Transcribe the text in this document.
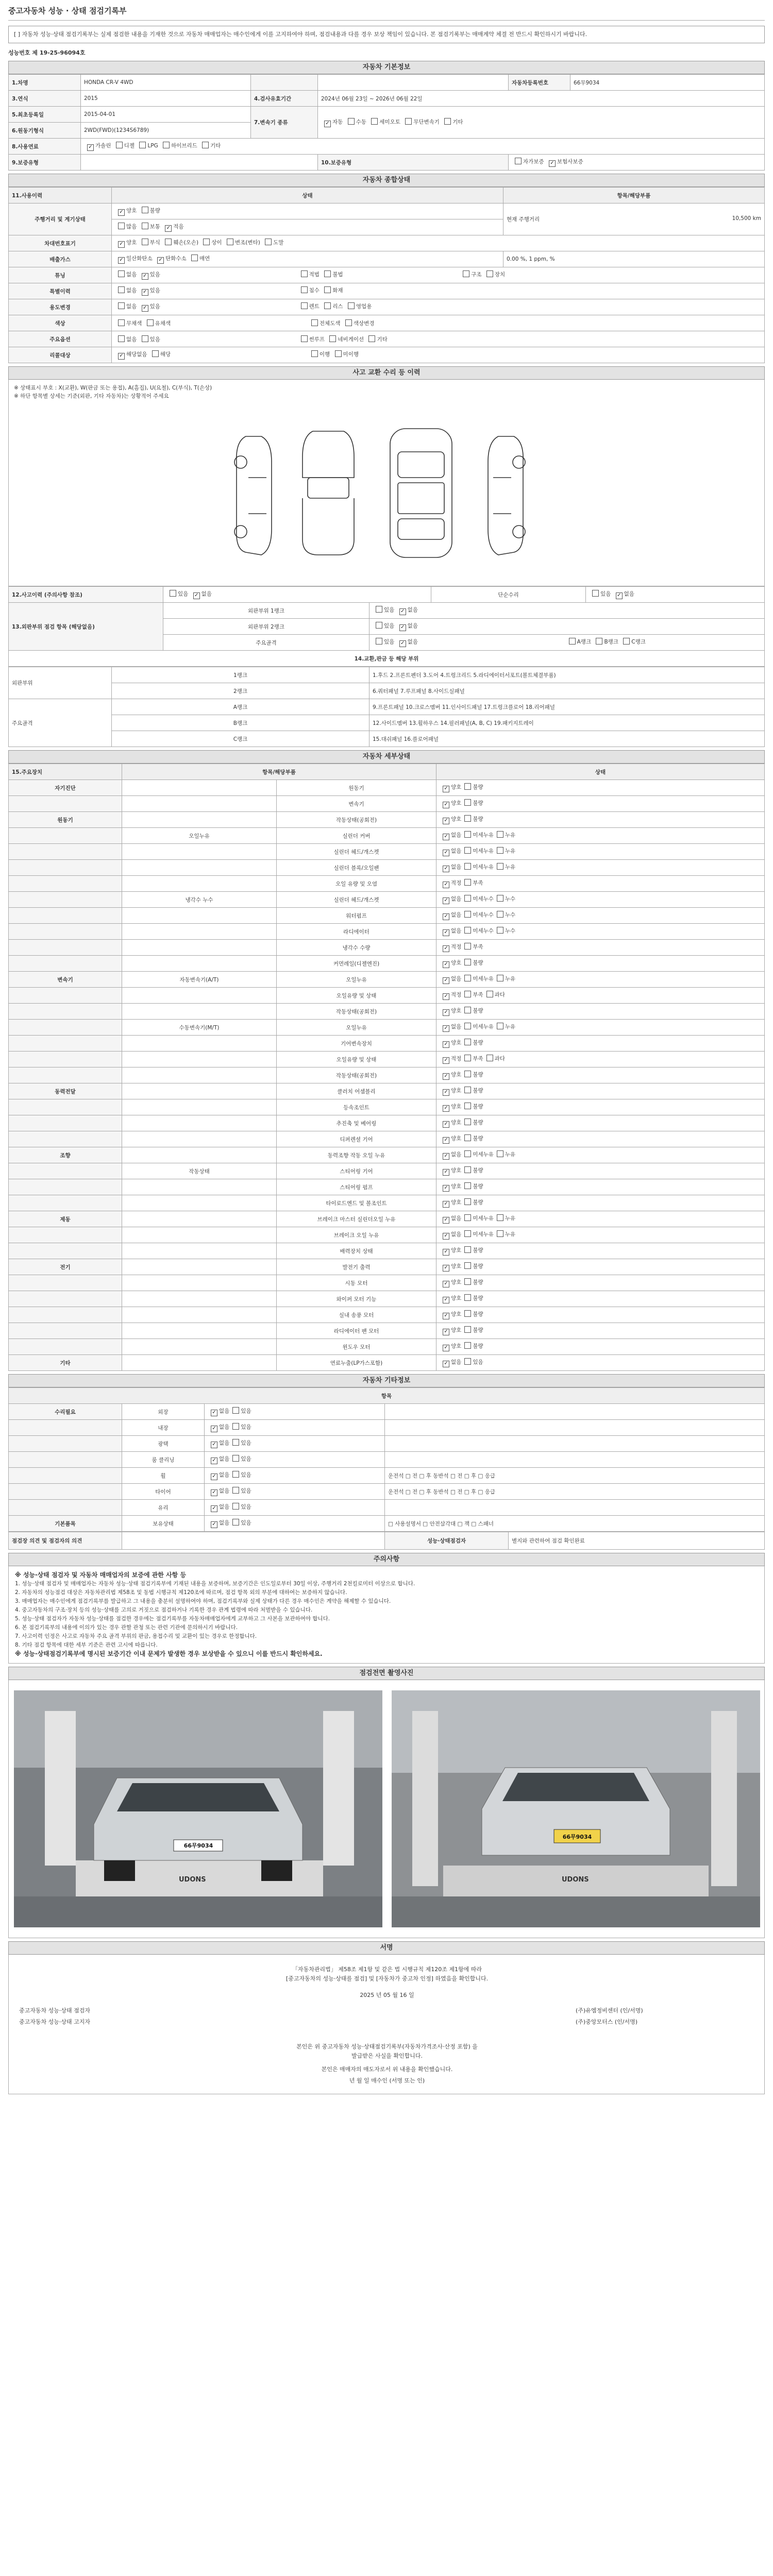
중고자동차 성능 · 상태 점검기록부
[ ] 자동차 성능·상태 점검기록부는 실제 점검한 내용을 기재한 것으로 자동차 매매업자는 매수인에게 이를 고지하여야 하며, 점검내용과 다를 경우 보상 책임이 있습니다. 본 점검기록부는 매매계약 체결 전 반드시 확인하시기 바랍니다.
성능번호 제 19-25-96094호
자동차 기본정보
1.차명	HONDA CR-V 4WD			자동차등록번호	66무9034
3.연식	2015	4.검사유효기간	2024년 06월 23일 ~ 2026년 06월 22일		
5.최초등록일	2015-04-01	7.변속기 종류	✓자동 수동 세미오토 무단변속기 기타
6.원동기형식	2WD(FWD)(1234S6789)				
8.사용연료	✓가솔린 디젤 LPG 하이브리드 기타
9.보증유형			10.보증유형	자가보증 ✓ 보험사보증
자동차 종합상태
11.사용이력	상태	항목/해당부품
주행거리 및 계기상태	✓양호 불량	현재 주행거리 10,500 km

	많음 보통 ✓ 적음
차대번호표기	✓양호 부식 훼손(오손) 상이 변조(변타) 도말
배출가스	✓일산화탄소 ✓ 탄화수소 매연	0.00 %, 1 ppm, %
튜닝	없음 ✓ 있음 적법 불법 구조 장치
특별이력	없음 ✓ 있음 침수 화재
용도변경	없음 ✓ 있음 렌트 리스 영업용
색상	무채색 유채색 전체도색 색상변경	
주요옵션	없음 있음 썬루프 네비게이션 기타	
리콜대상	✓해당없음 해당 이행 미이행
사고 교환 수리 등 이력
※ 상태표시 부호 : X(교환), W(판금 또는 용접), A(흠집), U(요철), C(부식), T(손상)
※ 하단 항목별 상세는 기준(외판, 기타 자동차)는 상황적어 주세요
12.사고이력 (주의사항 참조)	있음 ✓ 없음		단순수리	있음 ✓ 없음
13.외판부위 점검 항목 (해당없음)	외판부위 1랭크	있음 ✓ 없음
	외판부위 2랭크	있음 ✓ 없음
	주요골격	있음 ✓ 없음 A랭크 B랭크 C랭크
14.교환,판금 등 해당 부위				
외판부위	1랭크	1.후드 2.프론트펜더 3.도어 4.트렁크리드 5.라디에이터서포트(볼트체결부품)
	2랭크	6.쿼터패널 7.루프패널 8.사이드실패널
주요골격	A랭크	9.프론트패널 10.크로스멤버 11.인사이드패널 17.트렁크플로어 18.리어패널
	B랭크	12.사이드멤버 13.휠하우스 14.필러패널(A, B, C) 19.패키지트레이
	C랭크	15.대쉬패널 16.플로어패널
자동차 세부상태
15.주요장치	항목/해당부품		상태
자기진단		원동기	✓양호 불량
		변속기	✓양호 불량
원동기		작동상태(공회전)	✓양호 불량
	오일누유	실린더 커버	✓없음 미세누유 누유
		실린더 헤드/개스켓	✓없음 미세누유 누유
		실린더 블록/오일팬	✓없음 미세누유 누유
		오일 유량 및 오염	✓적정 부족
	냉각수 누수	실린더 헤드/개스켓	✓없음 미세누수 누수
		워터펌프	✓없음 미세누수 누수
		라디에이터	✓없음 미세누수 누수
		냉각수 수량	✓적정 부족
		커먼레일(디젤엔진)	✓양호 불량
변속기	자동변속기(A/T)	오일누유	✓없음 미세누유 누유
		오일유량 및 상태	✓적정 부족 과다
		작동상태(공회전)	✓양호 불량
	수동변속기(M/T)	오일누유	✓없음 미세누유 누유
		기어변속장치	✓양호 불량
		오일유량 및 상태	✓적정 부족 과다
		작동상태(공회전)	✓양호 불량
동력전달		클러치 어셈블리	✓양호 불량
		등속조인트	✓양호 불량
		추진축 및 베어링	✓양호 불량
		디퍼렌셜 기어	✓양호 불량
조향		동력조향 작동 오일 누유	✓없음 미세누유 누유
	작동상태	스티어링 기어	✓양호 불량
		스티어링 펌프	✓양호 불량
		타이로드엔드 및 볼조인트	✓양호 불량
제동		브레이크 마스터 실린더오일 누유	✓없음 미세누유 누유
		브레이크 오일 누유	✓없음 미세누유 누유
		배력장치 상태	✓양호 불량
전기		발전기 출력	✓양호 불량
		시동 모터	✓양호 불량
		와이퍼 모터 기능	✓양호 불량
		실내 송풍 모터	✓양호 불량
		라디에이터 팬 모터	✓양호 불량
		윈도우 모터	✓양호 불량
기타		연료누출(LP가스포함)	✓없음 있음
자동차 기타정보
항목			
수리필요	외장	✓없음 있음	
	내장	✓없음 있음	
	광택	✓없음 있음	
	룸 클리닝	✓없음 있음	
	휠	✓없음 있음	운전석 □ 전 □ 후 동반석 □ 전 □ 후 □ 응급
	타이어	✓없음 있음	운전석 □ 전 □ 후 동반석 □ 전 □ 후 □ 응급
	유리	✓없음 있음	
기본품목	보유상태	✓없음 있음	□ 사용설명서 □ 안전삼각대 □ 잭 □ 스패너
점검장 의견 및 점검자의 의견		성능·상태점검자	별지와 관련하여 점검 확인완료
주의사항

※ 성능·상태 점검자 및 자동차 매매업자의 보증에 관한 사항 등

1. 성능·상태 점검자 및 매매업자는 자동차 성능·상태 점검기록부에 기재된 내용을 보증하며, 보증기간은 인도일로부터 30일 이상, 주행거리 2천킬로미터 이상으로 합니다.

2. 자동차의 성능점검 대상은 자동차관리법 제58조 및 동법 시행규칙 제120조에 따르며, 점검 항목 외의 부분에 대하여는 보증하지 않습니다.

3. 매매업자는 매수인에게 점검기록부를 발급하고 그 내용을 충분히 설명하여야 하며, 점검기록부와 실제 상태가 다른 경우 매수인은 계약을 해제할 수 있습니다.

4. 중고자동차의 구조·장치 등의 성능·상태를 고의로 거짓으로 점검하거나 기록한 경우 관계 법령에 따라 처벌받을 수 있습니다.

5. 성능·상태 점검자가 자동차 성능·상태를 점검한 경우에는 점검기록부를 자동차매매업자에게 교부하고 그 사본을 보관하여야 합니다.

6. 본 점검기록부의 내용에 이의가 있는 경우 관할 관청 또는 관련 기관에 문의하시기 바랍니다.

7. 사고이력 인정은 사고로 자동차 주요 골격 부위의 판금, 용접수리 및 교환이 있는 경우로 한정합니다.

8. 기타 점검 항목에 대한 세부 기준은 관련 고시에 따릅니다.

※ 성능·상태점검기록부에 명시된 보증기간 이내 문제가 발생한 경우 보상받을 수 있으니 이를 반드시 확인하세요.

점검전면 촬영사진
66무9034
UDONS
66무9034
UDONS
서명
「자동차관리법」 제58조 제1항 및 같은 법 시행규칙 제120조 제1항에 따라
[중고자동차의 성능·상태를 점검] 및 [자동차가 중고차 인정] 하였음을 확인합니다.
2025 년 05 월 16 일
중고자동차 성능·상태 점검자	(주)유엠정비센터 (인/서명)
중고자동차 성능·상태 고지자	(주)중앙모터스 (인/서명)
본인은 위 중고자동차 성능·상태점검기록부(자동차가격조사·산정 포함) 을
발급받은 사실을 확인합니다.
본인은 매매자의 매도자로서 위 내용을 확인했습니다.
년 월 일 매수인 (서명 또는 인)
